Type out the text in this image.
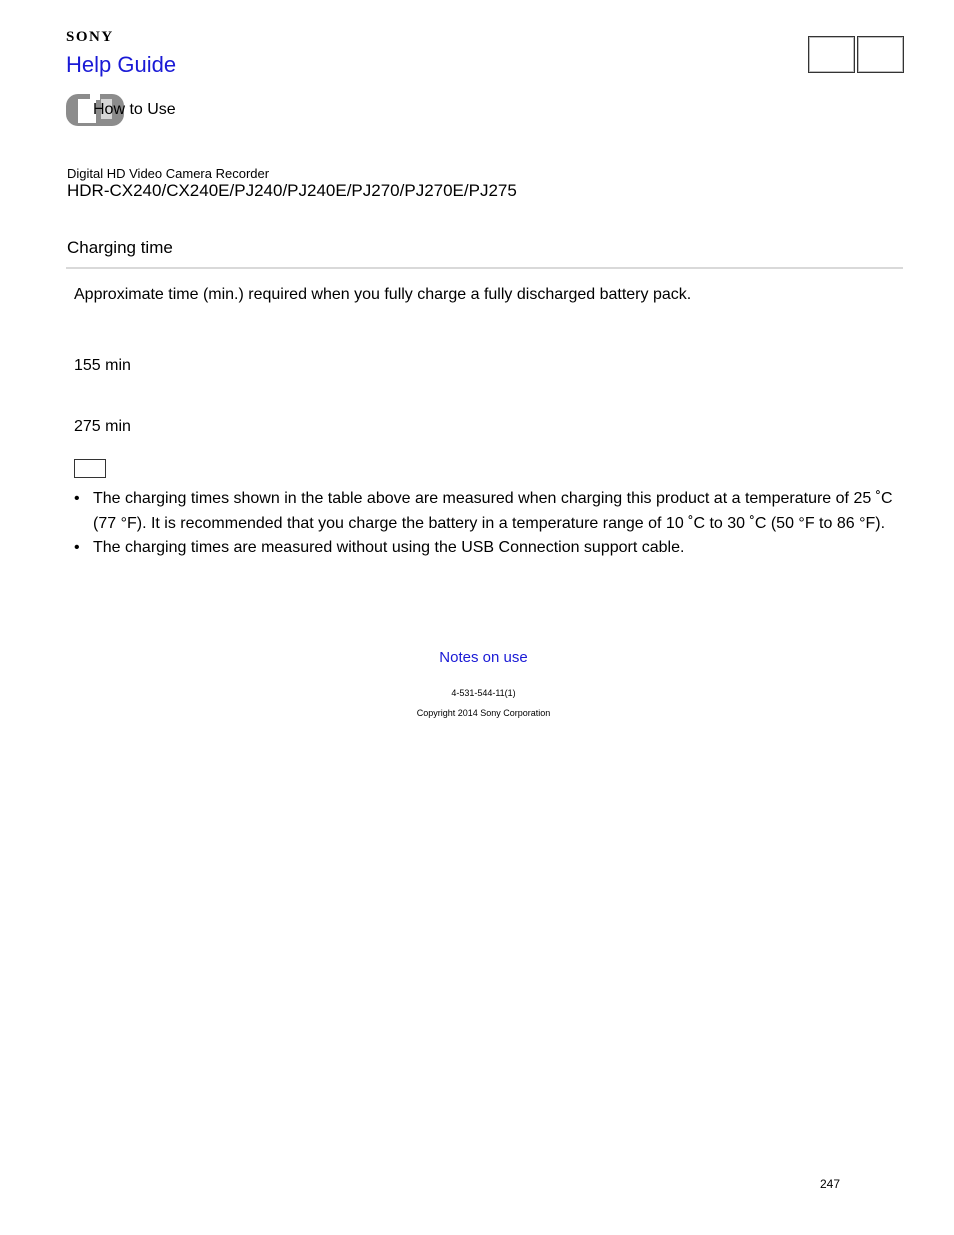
SONY
Help Guide
How to Use
Digital HD Video Camera Recorder
HDR-CX240/CX240E/PJ240/PJ240E/PJ270/PJ270E/PJ275
Charging time

Approximate time (min.) required when you fully charge a fully discharged battery pack.

155 min
275 min
• The charging times shown in the table above are measured when charging this product at a temperature of 25 ˚C (77 °F). It is recommended that you charge the battery in a temperature range of 10 ˚C to 30 ˚C (50 °F to 86 °F).
• The charging times are measured without using the USB Connection support cable.
Notes on use
4-531-544-11(1)
Copyright 2014 Sony Corporation
247
